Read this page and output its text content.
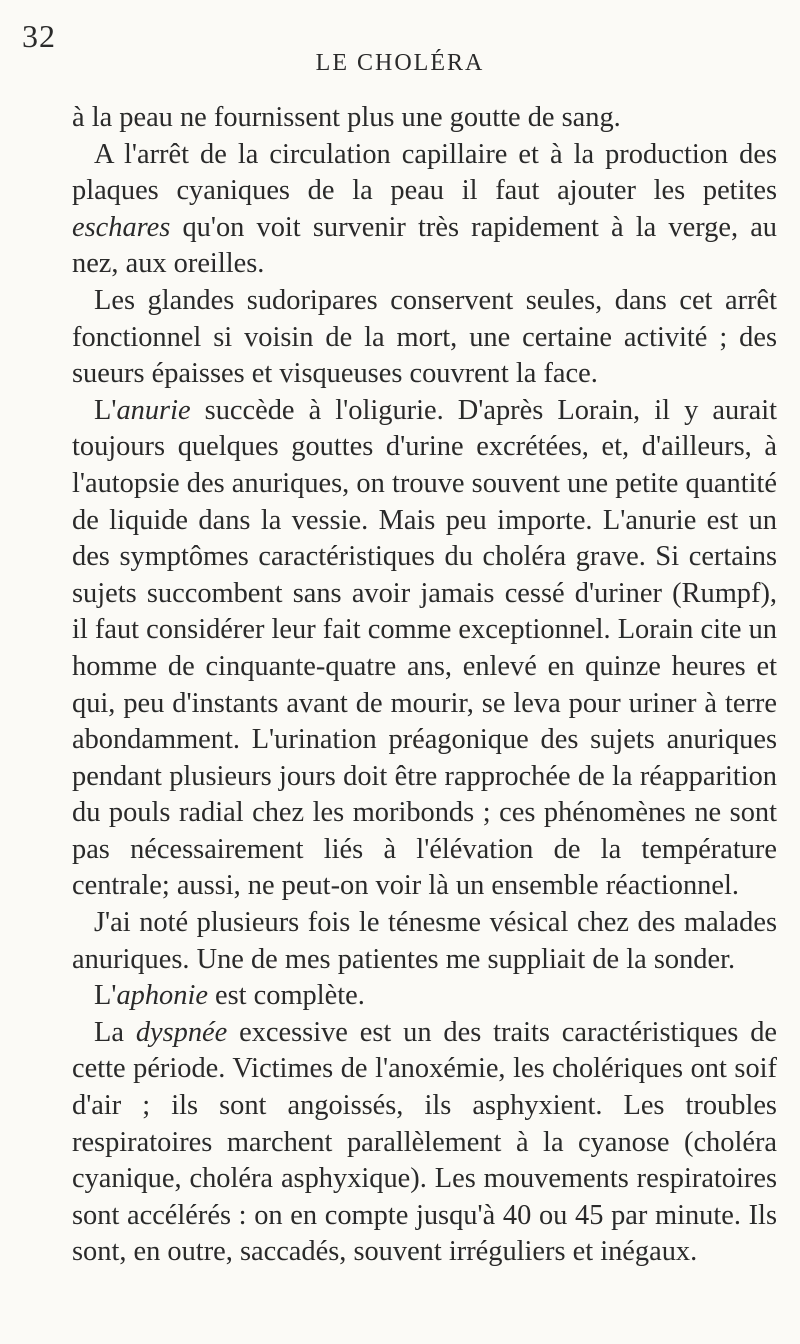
32
LE CHOLÉRA

à la peau ne fournissent plus une goutte de sang.

A l'arrêt de la circulation capillaire et à la production des plaques cyaniques de la peau il faut ajouter les petites eschares qu'on voit survenir très rapidement à la verge, au nez, aux oreilles.

Les glandes sudoripares conservent seules, dans cet arrêt fonctionnel si voisin de la mort, une certaine activité ; des sueurs épaisses et visqueuses couvrent la face.

L'anurie succède à l'oligurie. D'après Lorain, il y aurait toujours quelques gouttes d'urine excrétées, et, d'ailleurs, à l'autopsie des anuriques, on trouve souvent une petite quantité de liquide dans la vessie. Mais peu importe. L'anurie est un des symptômes caractéristiques du choléra grave. Si certains sujets succombent sans avoir jamais cessé d'uriner (Rumpf), il faut considérer leur fait comme exceptionnel. Lorain cite un homme de cinquante-quatre ans, enlevé en quinze heures et qui, peu d'instants avant de mourir, se leva pour uriner à terre abondamment. L'urination préagonique des sujets anuriques pendant plusieurs jours doit être rapprochée de la réapparition du pouls radial chez les moribonds ; ces phénomènes ne sont pas nécessairement liés à l'élévation de la température centrale; aussi, ne peut-on voir là un ensemble réactionnel.

J'ai noté plusieurs fois le ténesme vésical chez des malades anuriques. Une de mes patientes me suppliait de la sonder.

L'aphonie est complète.

La dyspnée excessive est un des traits caractéristiques de cette période. Victimes de l'anoxémie, les cholériques ont soif d'air ; ils sont angoissés, ils asphyxient. Les troubles respiratoires marchent parallèlement à la cyanose (choléra cyanique, choléra asphyxique). Les mouvements respiratoires sont accélérés : on en compte jusqu'à 40 ou 45 par minute. Ils sont, en outre, saccadés, souvent irréguliers et inégaux.
